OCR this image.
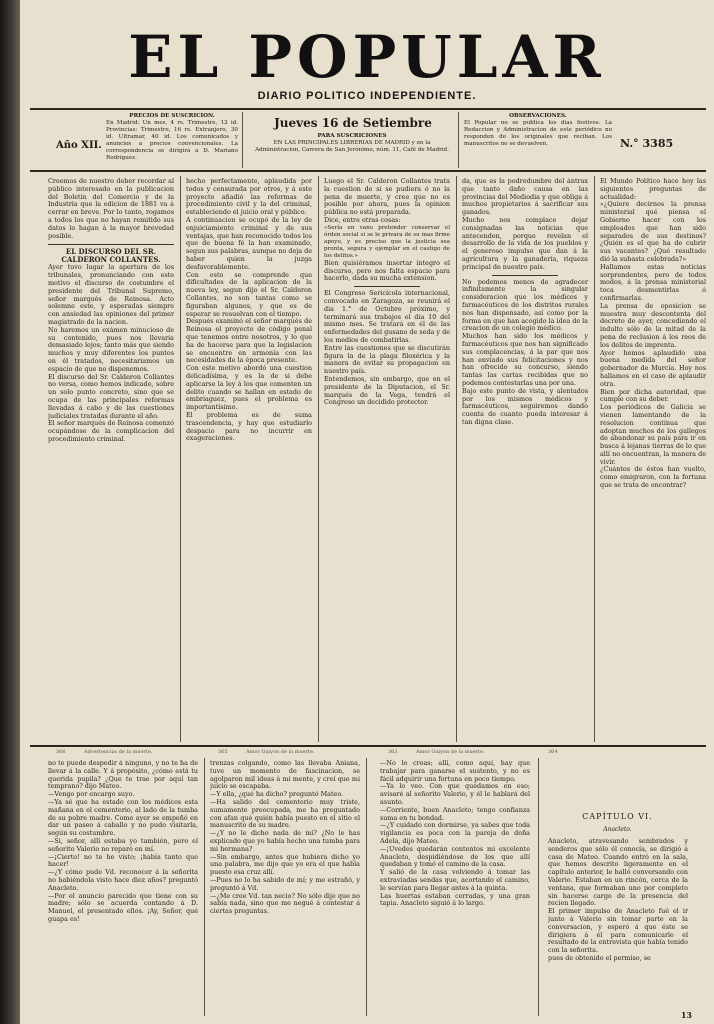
EL POPULAR
DIARIO POLITICO INDEPENDIENTE.
Año XII.
PRECIOS DE SUSCRICION.

En Madrid: Un mes, 4 rs. Trimestre, 12 id. Provincias: Trimestre, 16 rs. Extranjero, 30 id. Ultramar, 40 id. Los comunicados y anuncios a precios convencionales. La correspondencia se dirigirá a D. Mariano Rodriguez.

Jueves 16 de Setiembre
PARA SUSCRICIONES

EN LAS PRINCIPALES LIBRERIAS DE MADRID y en la Administracion, Carrera de San Jerónimo, núm. 11, Café de Madrid.

OBSERVACIONES.

El Popular no se publica los dias festivos. La Redaccion y Administracion de este periódico no responden de los originales que reciban. Los manuscritos no se devuelven.	N.° 3385

Creemos de nuestro deber recordar al público interesado en la publicacion del Boletin del Comercio y de la Industria que la edicion de 1881 va á cerrar en breve. Por lo tanto, rogamos a todos los que no hayan remitido sus datos lo hagan á la mayor brevedad posible.

EL DISCURSO DEL SR. CALDERON COLLANTES.

Ayer tuvo lugar la apertura de los tribunales, pronunciando con este motivo el discurso de costumbre el presidente del Tribunal Supremo, señor marqués de Reinosa. Acto solemne este, y esperadas siempre con ansiedad las opiniones del primer magistrado de la nacion.

No haremos un exámen minucioso de su contenido, pues nos llevaria demasiado lejos; tanto más que siendo muchos y muy diferentes los puntos en él tratados, necesitariamos un espacio de que no disponemos.

El discurso del Sr. Calderon Collantes no versa, como hemos indicado, sobre un solo punto concreto, sino que se ocupa de las principales reformas llevadas á cabo y de las cuestiones judiciales tratadas durante el año.

El señor marqués de Reinosa comenzó ocupándose de la complicacion del procedimiento criminal.

hecho perfectamente, aplaudida por todos y censurada por otros, y á este proyecto añadió las reformas de procedimiento civil y la del criminal, estableciendo el juicio oral y público.

A continuacion se ocupó de la ley de enjuiciamiento criminal y de sus ventajas, que han reconocido todos los que de buena fé la han examinado, segun sus palabras, aunque no deja de haber quien la juzga desfavorablemente.

Con esto se comprende que dificultades de la aplicacion de la nueva ley, segun dijo el Sr. Calderon Collantes, no son tantas como se figuraban algunos, y que es de esperar se resuelvan con el tiempo.

Después examinó el señor marqués de Reinosa el proyecto de código penal que tenemos entre nosotros, y lo que ha de hacerse para que la legislacion se encuentre en armonía con las necesidades de la época presente.

Con este motivo abordó una cuestion delicadísima, y es la de si debe aplicarse la ley á los que comenten un delito cuando se hallan en estado de embriaguez, pues el problema es importantísimo.

El problema es de suma trascendencia, y hay que estudiarlo despacio para no incurrir en exageraciones.

Luego el Sr. Calderon Collantes trata la cuestion de si se pudiera ó no la pena de muerte, y cree que no es posible por ahora, pues la opinion pública no está preparada.

Dice, entre otras cosas:

«Sería en vano pretender conservar el órden social si se le privara de su mas firme apoyo, y es preciso que la justicia sea pronta, segura y ejemplar en el castigo de los delitos.»

Bien quisiéramos insertar íntegro el discurso, pero nos falta espacio para hacerlo, dada su mucha extension.

El Congreso Sericícola internacional, convocado en Zaragoza, se reunirá el dia 1.° de Octubre próximo, y terminará sus trabajos el dia 10 del mismo mes. Se tratará en él de las enfermedades del gusano de seda y de los medios de combatirlas.

Entre las cuestiones que se discutirán figura la de la plaga filoxérica y la manera de evitar su propagacion en nuestro país.

Entendemos, sin embargo, que en el presidente de la Diputacion, el Sr. marqués de la Vega, tendrá el Congreso un decidido protector.

da, que es la podredumbre del ántrax que tanto daño causa en las provincias del Mediodia y que obliga á muchos propietarios á sacrificar sus ganados.

Mucho nos complace dejar consignadas las noticias que antecenden, porque revelan el desarrollo de la vida de los pueblos y el generoso impulso que dan á la agricultura y la ganadería, riqueza principal de nuestro país.

No podemos menos de agradecer infinitamente la singular consideracion que los médicos y farmacéuticos de los distritos rurales nos han dispensado, así como por la forma en que han acogido la idea de la creacion de un colegio médico.

Muchos han sido los médicos y farmacéuticos que nos han significado sus complacencias, á la par que nos han enviado sus felicitaciones y nos han ofrecido su concurso, siendo tantas las cartas recibidas que no podemos contestarlas una por una.

Bajo este punto de vista, y alentados por los mismos médicos y farmacéuticos, seguiremos dando cuenta de cuanto pueda interesar á tan digna clase.

El Mundo Político hace hoy las siguientes preguntas de actualidad:

«¿Quiere decirnos la prensa ministerial qué piensa el Gobierno hacer con los empleados que han sido separados de sus destinos? ¿Quién es el que ha de cubrir sus vacantes? ¿Qué resultado dió la subasta celebrada?»

Hallamos estas noticias sorprendentes, pero de todos modos, á la prensa ministerial toca desmentirlas ó confirmarlas.

La prensa de oposicion se muestra muy descontenta del decreto de ayer, concediendo el indulto sólo de la mitad de la pena de reclusion á los reos de los delitos de imprenta.

Ayer hemos aplaudido una buena medida del señor gobernador de Murcia. Hoy nos hallamos en el caso de aplaudir otra.

Bien por dicha autoridad, que cumple con su deber.

Los periódicos de Galicia se vienen lamentando de la resolucion continua que adoptan muchos de los gallegos de abandonar su país para ir en busca á lejanas tierras de lo que allí no encuentran, la manera de vivir.

¿Cuántos de éstos han vuelto, como emigraron, con la fortuna que se trata de encontrar?

366	Advertencias de la muerte.	365	Amor Guiyon de la muerte.	363	Amor Guiyon de la muerte.	364

no te puede despedir á ninguno, y no te ha de llevar á la calle. Y á propósito, ¿cómo está tu querida pupila? ¿Que te trae por aquí tan temprano? dijo Mateo.

—Vengo por encargo suyo.

—Ya sé que ha estado con los médicos esta mañana en el cementerio, al lado de la tumba de su pobre madre. Como ayer se empeñó en dar un paseo á caballo y no pudo visitarla, según su costumbre.

—Si, señor, allí estaba yo también, pero el señorito Valerio no reparó en mí.

—¡Cierto! no te he visto; ¡había tanto que hacer!

—¿Y cómo pude Vd. reconocer á la señorita no habiéndola visto hace diez años? preguntó Anacleto.

—Por el anuncio parecido que tiene con su madre; sólo se acuerda contando á D. Manuel, el presentado ellos. ¡Ay, Señor, qué guapa es!

trenzas colgando, como las llevaba Aniana, tuve un momento de fascinacion, se agolparon mil ideas á mi mente, y creí que mi juicio se escapaba.

—Y ella, ¿qué ha dicho? preguntó Mateo.

—Ha salido del cementerio muy triste, sumamente preocupada, me ha preguntado con afan qué quién había puesto en el sitio el manuscrito de su madre.

—¿Y no le dicho nada de mí? ¿No le has explicado que yo había hecho una tumba para mi hermana?

—Sin embargo, antes que hubiera dicho yo una palabra, me dijo que yo era el que había puesto esa cruz allí.

—Pues no lo ha sabido de mí; y me estrañó, y preguntó á Vd.

—¿Me cree Vd. tan necio? No sólo dije que no sabía nada, sino que me negué á contestar á ciertas preguntas.

—No lo creas; allí, como aquí, hay que trabajar para ganarse el sustento, y no es fácil adquirir una fortuna en poco tiempo.

—Ya lo veo. Con que quedamos en eso; avisaré al señorito Valerio, y él le hablará del asunto.

—Corriente, buen Anacleto; tengo confianza suma en tu bondad.

—¿Y cuidado con dormirse, ya sabes que toda vigilancia es poca con la pareja de doña Adela, dijo Mateo.

—¡Uvedes quedarán contentos mi excelente Anacleto, despidiéndose de los que allí quedaban y tomó el camino de la casa.

Y salió de la casa volviendo á tomar las extraviadas sendas que, acortando el camino, le servían para llegar antes á la quinta.

Las huertas estaban cerradas, y una gran tapia. Anacleto siguió á lo largo.

CAPÍTULO VI.
Anacleto.

Anacleto, atravesando sembrados y senderos que sólo él conocía, se dirigió á casa de Mateo. Cuando entró en la sala, que hemos descrito ligeramente en el capítulo anterior, le halló conversando con Valerio. Estaban en un rincón, cerca de la ventana, que formaban uno por completo sin hacerse cargo de la presencia del recien llegado.

El primer impulso de Anacleto fué el ir junto á Valerio sin tomar parte en la conversacion, y esperó á que éste se dirigiera á él para comunicarle el resultado de la entrevista que había tenido con la señorita.

pues de obtenido el permiso, se

13
